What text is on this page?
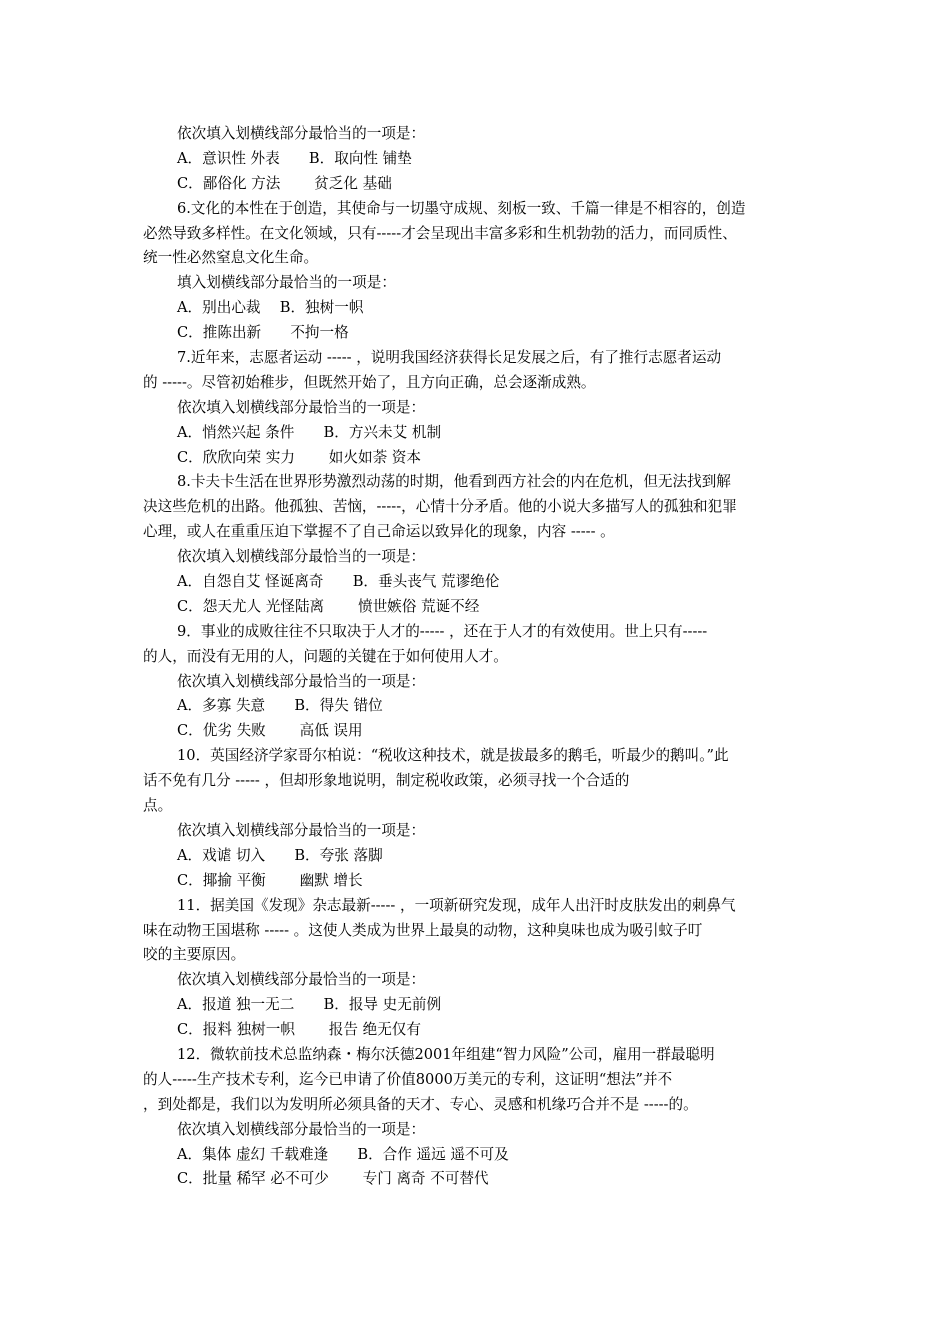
依次填入划横线部分最恰当的一项是：
A．意识性 外表　　B．取向性 铺垫
C．鄙俗化 方法　　 贫乏化 基础
6.文化的本性在于创造，其使命与一切墨守成规、刻板一致、千篇一律是不相容的，创造
必然导致多样性。在文化领域，只有-----才会呈现出丰富多彩和生机勃勃的活力，而同质性、
统一性必然窒息文化生命。
填入划横线部分最恰当的一项是：
A．别出心裁　 B．独树一帜
C．推陈出新　　不拘一格
7.近年来，志愿者运动 ----- ，说明我国经济获得长足发展之后，有了推行志愿者运动
的 -----。尽管初始稚步，但既然开始了，且方向正确，总会逐渐成熟。
依次填入划横线部分最恰当的一项是：
A．悄然兴起 条件　　B．方兴未艾 机制
C．欣欣向荣 实力　　 如火如荼 资本
8.卡夫卡生活在世界形势激烈动荡的时期，他看到西方社会的内在危机，但无法找到解
决这些危机的出路。他孤独、苦恼，-----，心情十分矛盾。他的小说大多描写人的孤独和犯罪
心理，或人在重重压迫下掌握不了自己命运以致异化的现象，内容 ----- 。
依次填入划横线部分最恰当的一项是：
A．自怨自艾 怪诞离奇　　B．垂头丧气 荒谬绝伦
C．怨天尤人 光怪陆离　　 愤世嫉俗 荒诞不经
9．事业的成败往往不只取决于人才的----- ，还在于人才的有效使用。世上只有-----
的人，而没有无用的人，问题的关键在于如何使用人才。
依次填入划横线部分最恰当的一项是：
A．多寡 失意　　B．得失 错位
C．优劣 失败　　 高低 误用
10．英国经济学家哥尔柏说：“税收这种技术，就是拔最多的鹅毛，听最少的鹅叫。”此
话不免有几分 ----- ，但却形象地说明，制定税收政策，必须寻找一个合适的
点。
依次填入划横线部分最恰当的一项是：
A．戏谑 切入　　B．夸张 落脚
C．揶揄 平衡　　 幽默 增长
11．据美国《发现》杂志最新----- ，一项新研究发现，成年人出汗时皮肤发出的刺鼻气
味在动物王国堪称 ----- 。这使人类成为世界上最臭的动物，这种臭味也成为吸引蚊子叮
咬的主要原因。
依次填入划横线部分最恰当的一项是：
A．报道 独一无二　　B．报导 史无前例
C．报料 独树一帜　　 报告 绝无仅有
12．微软前技术总监纳森・梅尔沃德2001年组建“智力风险”公司，雇用一群最聪明
的人-----生产技术专利，迄今已申请了价值8000万美元的专利，这证明“想法”并不
，到处都是，我们以为发明所必须具备的天才、专心、灵感和机缘巧合并不是 -----的。
依次填入划横线部分最恰当的一项是：
A．集体 虚幻 千载难逢　　B．合作 遥远 遥不可及
C．批量 稀罕 必不可少　　 专门 离奇 不可替代
